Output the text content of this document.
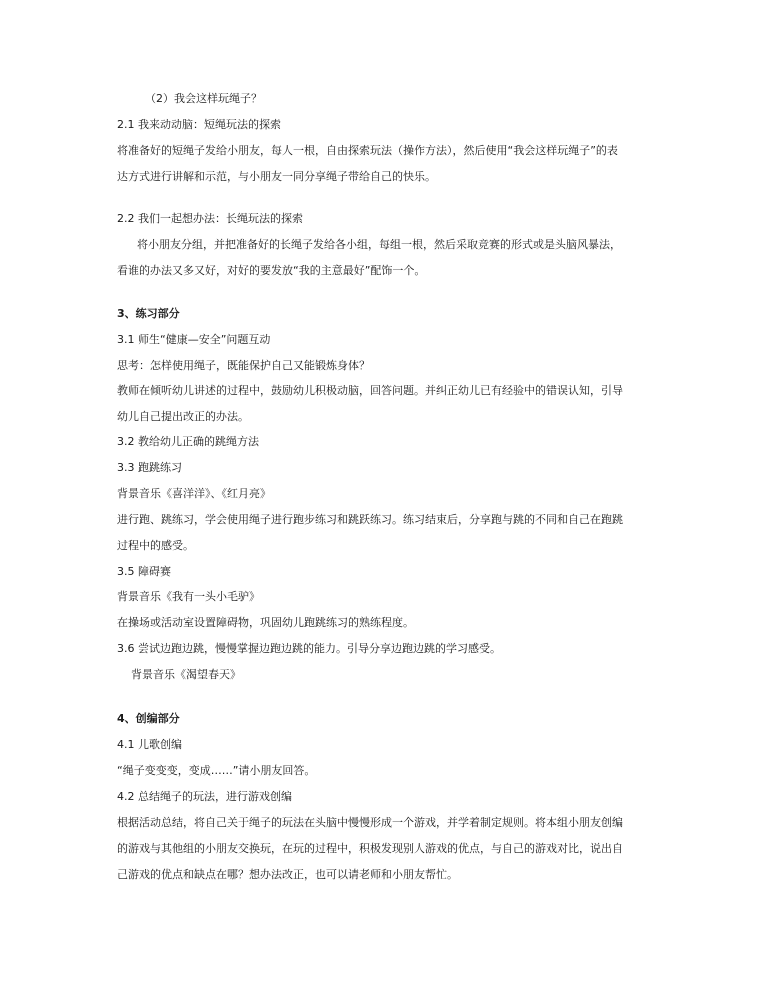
（2）我会这样玩绳子？
2.1 我来动动脑：短绳玩法的探索
将准备好的短绳子发给小朋友，每人一根，自由探索玩法（操作方法），然后使用“我会这样玩绳子”的表
达方式进行讲解和示范，与小朋友一同分享绳子带给自己的快乐。
2.2 我们一起想办法：长绳玩法的探索
将小朋友分组，并把准备好的长绳子发给各小组，每组一根，然后采取竞赛的形式或是头脑风暴法，
看谁的办法又多又好，对好的要发放“我的主意最好”配饰一个。
3、练习部分
3.1 师生“健康—安全”问题互动
思考：怎样使用绳子，既能保护自己又能锻炼身体？
教师在倾听幼儿讲述的过程中，鼓励幼儿积极动脑，回答问题。并纠正幼儿已有经验中的错误认知，引导
幼儿自己提出改正的办法。
3.2 教给幼儿正确的跳绳方法
3.3 跑跳练习
背景音乐《喜洋洋》、《红月亮》
进行跑、跳练习，学会使用绳子进行跑步练习和跳跃练习。练习结束后，分享跑与跳的不同和自己在跑跳
过程中的感受。
3.5 障碍赛
背景音乐《我有一头小毛驴》
在操场或活动室设置障碍物，巩固幼儿跑跳练习的熟练程度。
3.6 尝试边跑边跳，慢慢掌握边跑边跳的能力。引导分享边跑边跳的学习感受。
背景音乐《渴望春天》
4、创编部分
4.1 儿歌创编
“绳子变变变，变成……”请小朋友回答。
4.2 总结绳子的玩法，进行游戏创编
根据活动总结，将自己关于绳子的玩法在头脑中慢慢形成一个游戏，并学着制定规则。将本组小朋友创编
的游戏与其他组的小朋友交换玩，在玩的过程中，积极发现别人游戏的优点，与自己的游戏对比，说出自
己游戏的优点和缺点在哪？想办法改正，也可以请老师和小朋友帮忙。
